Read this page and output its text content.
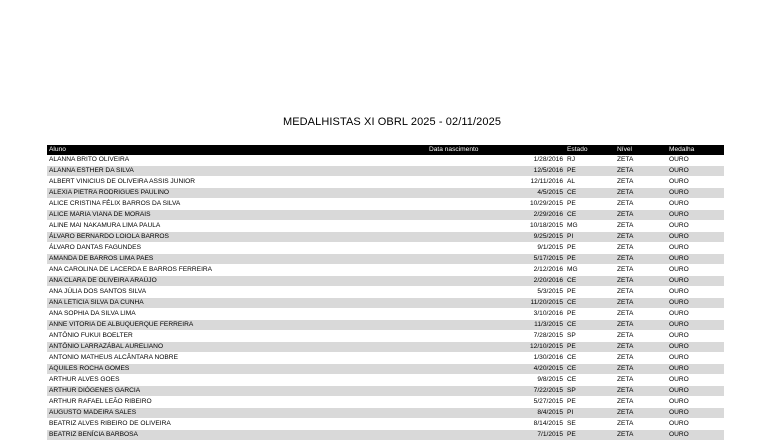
MEDALHISTAS XI OBRL 2025 - 02/11/2025
Aluno	Data nascimento	Estado	Nível	Medalha
ALANNA BRITO OLIVEIRA	1/28/2016	RJ	ZETA	OURO
ALANNA ESTHER DA SILVA	12/5/2016	PE	ZETA	OURO
ALBERT VINICIUS DE OLIVEIRA ASSIS JUNIOR	12/11/2016	AL	ZETA	OURO
ALEXIA PIETRA RODRIGUES PAULINO	4/5/2015	CE	ZETA	OURO
ALICE CRISTINA FÉLIX BARROS DA SILVA	10/29/2015	PE	ZETA	OURO
ALICE MARIA VIANA DE MORAIS	2/29/2016	CE	ZETA	OURO
ALINE MAI NAKAMURA LIMA PAULA	10/18/2015	MG	ZETA	OURO
ÁLVARO BERNARDO LOIOLA BARROS	9/25/2015	PI	ZETA	OURO
ÁLVARO DANTAS FAGUNDES	9/1/2015	PE	ZETA	OURO
AMANDA DE BARROS LIMA PAES	5/17/2015	PE	ZETA	OURO
ANA CAROLINA DE LACERDA E BARROS FERREIRA	2/12/2016	MG	ZETA	OURO
ANA CLARA DE OLIVEIRA ARAÚJO	2/20/2016	CE	ZETA	OURO
ANA JÚLIA DOS SANTOS SILVA	5/3/2015	PE	ZETA	OURO
ANA LETICIA SILVA DA CUNHA	11/20/2015	CE	ZETA	OURO
ANA SOPHIA DA SILVA LIMA	3/10/2016	PE	ZETA	OURO
ANNE VITORIA DE ALBUQUERQUE FERREIRA	11/3/2015	CE	ZETA	OURO
ANTÔNIO FUKUI BOELTER	7/28/2015	SP	ZETA	OURO
ANTÔNIO LARRAZÁBAL AURELIANO	12/10/2015	PE	ZETA	OURO
ANTONIO MATHEUS ALCÂNTARA NOBRE	1/30/2016	CE	ZETA	OURO
AQUILES ROCHA GOMES	4/20/2015	CE	ZETA	OURO
ARTHUR ALVES GOES	9/8/2015	CE	ZETA	OURO
ARTHUR DIÓGENES GARCIA	7/22/2015	SP	ZETA	OURO
ARTHUR RAFAEL LEÃO RIBEIRO	5/27/2015	PE	ZETA	OURO
AUGUSTO MADEIRA SALES	8/4/2015	PI	ZETA	OURO
BEATRIZ ALVES RIBEIRO DE OLIVEIRA	8/14/2015	SE	ZETA	OURO
BEATRIZ BENÍCIA BARBOSA	7/1/2015	PE	ZETA	OURO
